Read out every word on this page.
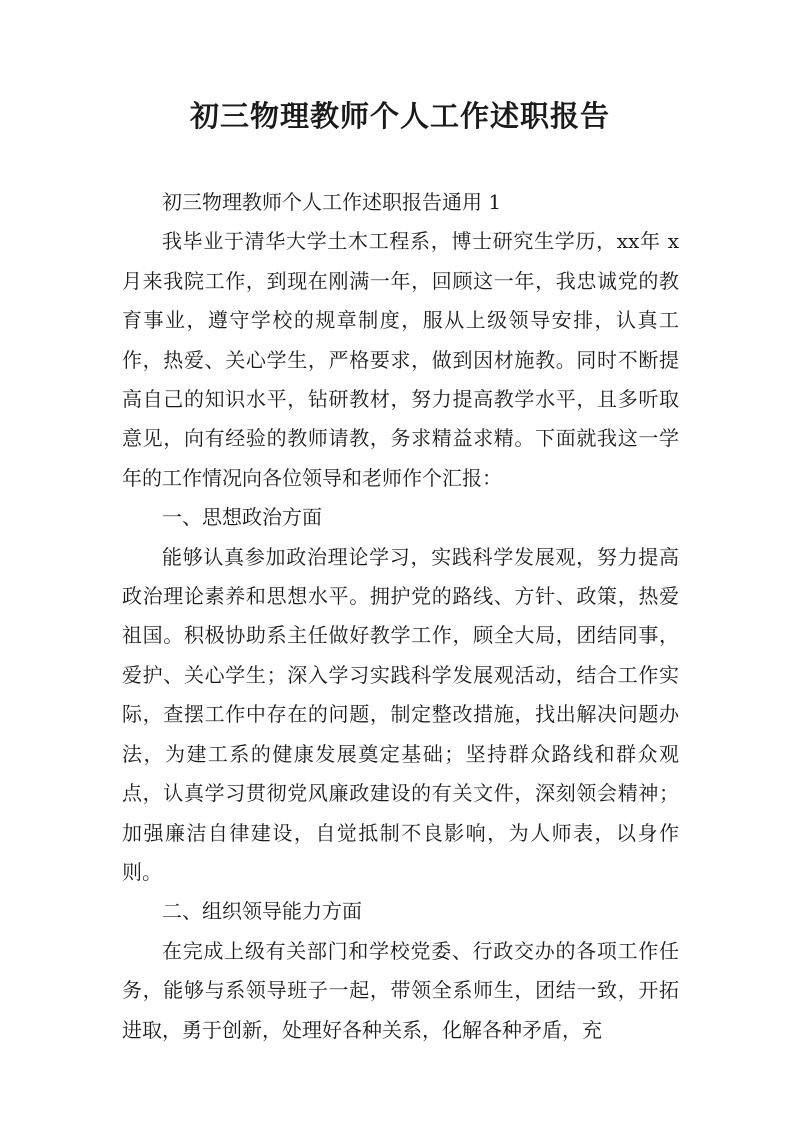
初三物理教师个人工作述职报告

初三物理教师个人工作述职报告通用 1

我毕业于清华大学土木工程系，博士研究生学历，xx年 x 月来我院工作，到现在刚满一年，回顾这一年，我忠诚党的教育事业，遵守学校的规章制度，服从上级领导安排，认真工作，热爱、关心学生，严格要求，做到因材施教。同时不断提高自己的知识水平，钻研教材，努力提高教学水平，且多听取意见，向有经验的教师请教，务求精益求精。下面就我这一学年的工作情况向各位领导和老师作个汇报：

一、思想政治方面

能够认真参加政治理论学习，实践科学发展观，努力提高政治理论素养和思想水平。拥护党的路线、方针、政策，热爱祖国。积极协助系主任做好教学工作，顾全大局，团结同事，爱护、关心学生；深入学习实践科学发展观活动，结合工作实际，查摆工作中存在的问题，制定整改措施，找出解决问题办法，为建工系的健康发展奠定基础；坚持群众路线和群众观点，认真学习贯彻党风廉政建设的有关文件，深刻领会精神；加强廉洁自律建设，自觉抵制不良影响，为人师表，以身作则。

二、组织领导能力方面

在完成上级有关部门和学校党委、行政交办的各项工作任务，能够与系领导班子一起，带领全系师生，团结一致，开拓进取，勇于创新，处理好各种关系，化解各种矛盾，充
